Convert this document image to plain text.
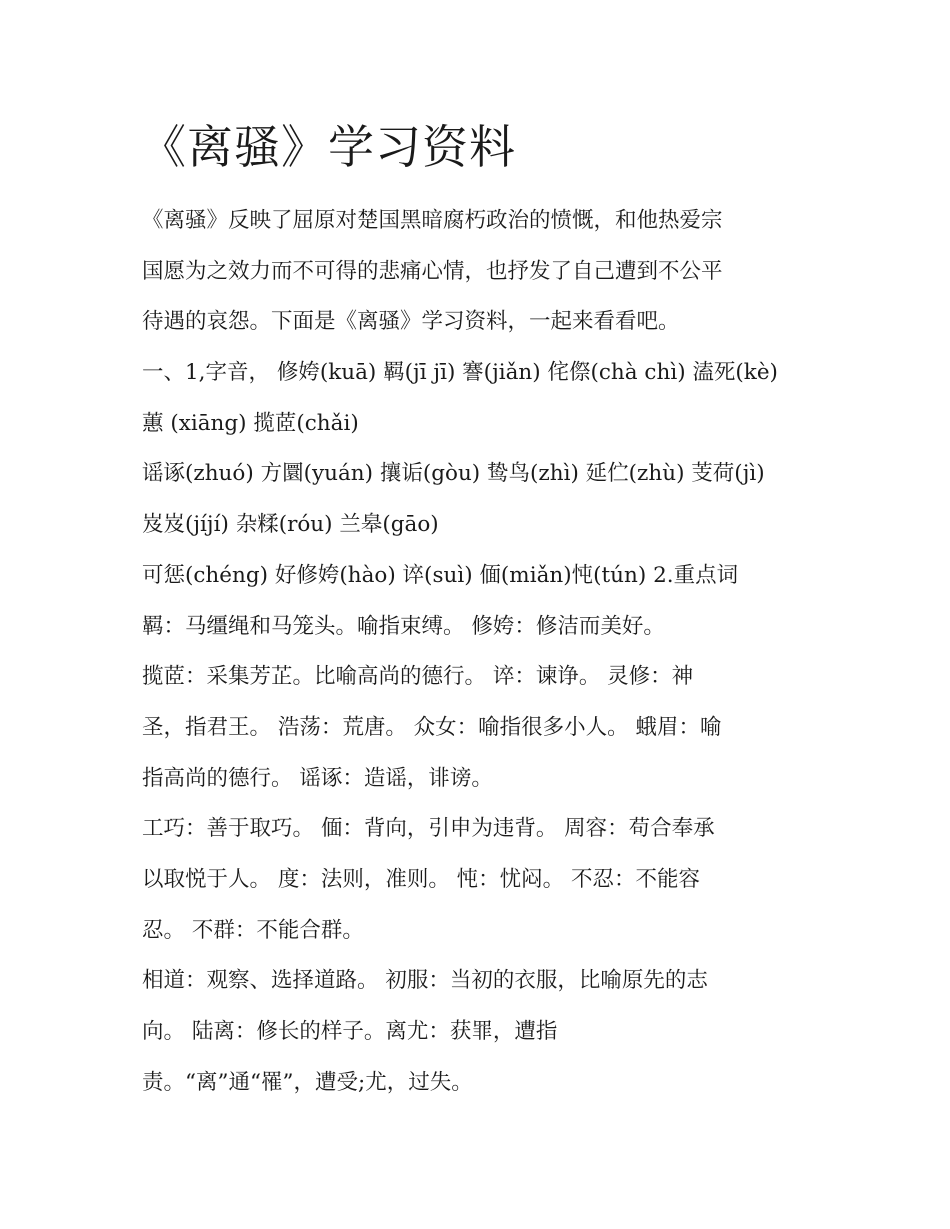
《离骚》学习资料
《离骚》反映了屈原对楚国黑暗腐朽政治的愤慨，和他热爱宗
国愿为之效力而不可得的悲痛心情，也抒发了自己遭到不公平
待遇的哀怨。下面是《离骚》学习资料，一起来看看吧。
一、1,字音， 修姱(kuā) 羁(jī jī) 謇(jiǎn) 侘傺(chà chì) 溘死(kè)
蕙 (xiāng) 揽茝(chǎi)
谣诼(zhuó) 方圜(yuán) 攘诟(gòu) 鸷鸟(zhì) 延伫(zhù) 芰荷(jì)
岌岌(jíjí) 杂糅(róu) 兰皋(gāo)
可惩(chéng) 好修姱(hào) 谇(suì) 偭(miǎn)忳(tún) 2.重点词
羁：马缰绳和马笼头。喻指束缚。 修姱：修洁而美好。
揽茝：采集芳芷。比喻高尚的德行。 谇：谏诤。 灵修：神
圣，指君王。 浩荡：荒唐。 众女：喻指很多小人。 蛾眉：喻
指高尚的德行。 谣诼：造谣，诽谤。
工巧：善于取巧。 偭：背向，引申为违背。 周容：苟合奉承
以取悦于人。 度：法则，准则。 忳：忧闷。 不忍：不能容
忍。 不群：不能合群。
相道：观察、选择道路。 初服：当初的衣服，比喻原先的志
向。 陆离：修长的样子。离尤：获罪，遭指
责。“离”通“罹”，遭受;尤，过失。
